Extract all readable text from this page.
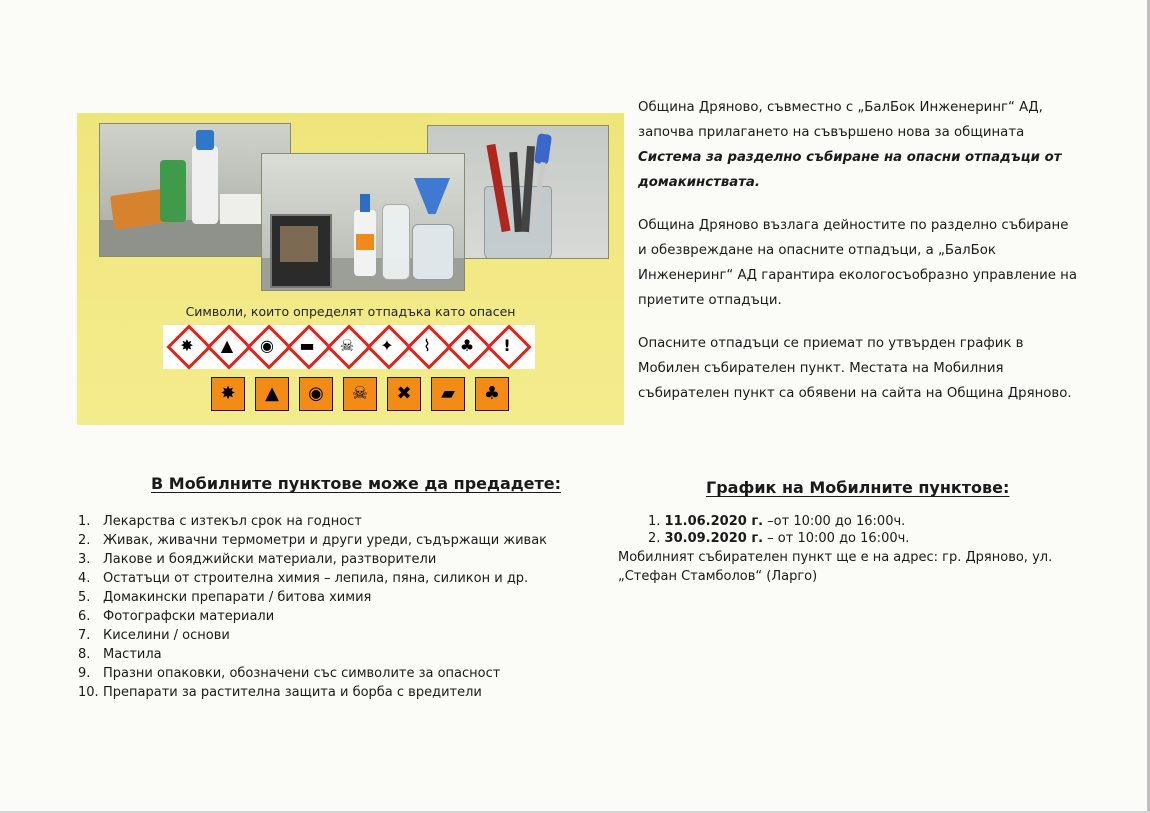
Символи, които определят отпадъка като опасен
✸	▲	◉	▬	☠	✦	⌇	♣	!
✸	▲	◉	☠	✖	▰	♣

Община Дряново, съвместно с „БалБок Инженеринг“ АД, започва прилагането на съвършено нова за общината Система за разделно събиране на опасни отпадъци от домакинствата.

Община Дряново възлага дейностите по разделно събиране и обезвреждане на опасните отпадъци, а „БалБок Инженеринг“ АД гарантира екологосъобразно управление на приетите отпадъци.

Опасните отпадъци се приемат по утвърден график в Мобилен събирателен пункт. Местата на Мобилния събирателен пункт са обявени на сайта на Община Дряново.

В Мобилните пунктове може да предадете:
1. Лекарства с изтекъл срок на годност
2. Живак, живачни термометри и други уреди, съдържащи живак
3. Лакове и бояджийски материали, разтворители
4. Остатъци от строителна химия – лепила, пяна, силикон и др.
5. Домакински препарати / битова химия
6. Фотографски материали
7. Киселини / основи
8. Мастила
9. Празни опаковки, обозначени със символите за опасност
10. Препарати за растителна защита и борба с вредители
График на Мобилните пунктове:
1. 11.06.2020 г. –от 10:00 до 16:00ч.
2. 30.09.2020 г. – от 10:00 до 16:00ч.
Мобилният събирателен пункт ще е на адрес: гр. Дряново, ул. „Стефан Стамболов“ (Ларго)
